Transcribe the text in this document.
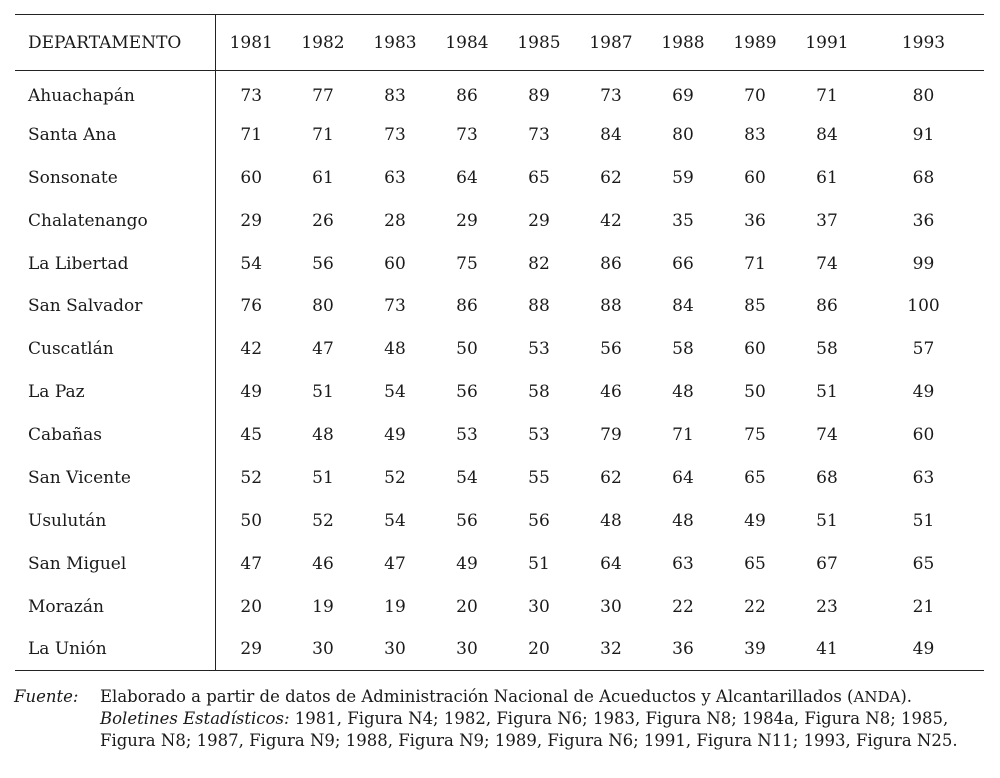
DEPARTAMENTO	1981	1982	1983	1984	1985	1987	1988	1989	1991	1993
Ahuachapán	73	77	83	86	89	73	69	70	71	80
Santa Ana	71	71	73	73	73	84	80	83	84	91
Sonsonate	60	61	63	64	65	62	59	60	61	68
Chalatenango	29	26	28	29	29	42	35	36	37	36
La Libertad	54	56	60	75	82	86	66	71	74	99
San Salvador	76	80	73	86	88	88	84	85	86	100
Cuscatlán	42	47	48	50	53	56	58	60	58	57
La Paz	49	51	54	56	58	46	48	50	51	49
Cabañas	45	48	49	53	53	79	71	75	74	60
San Vicente	52	51	52	54	55	62	64	65	68	63
Usulután	50	52	54	56	56	48	48	49	51	51
San Miguel	47	46	47	49	51	64	63	65	67	65
Morazán	20	19	19	20	30	30	22	22	23	21
La Unión	29	30	30	30	20	32	36	39	41	49
Fuente: Elaborado a partir de datos de Administración Nacional de Acueductos y Alcantarillados (ANDA). Boletines Estadísticos: 1981, Figura N4; 1982, Figura N6; 1983, Figura N8; 1984a, Figura N8; 1985, Figura N8; 1987, Figura N9; 1988, Figura N9; 1989, Figura N6; 1991, Figura N11; 1993, Figura N25.
